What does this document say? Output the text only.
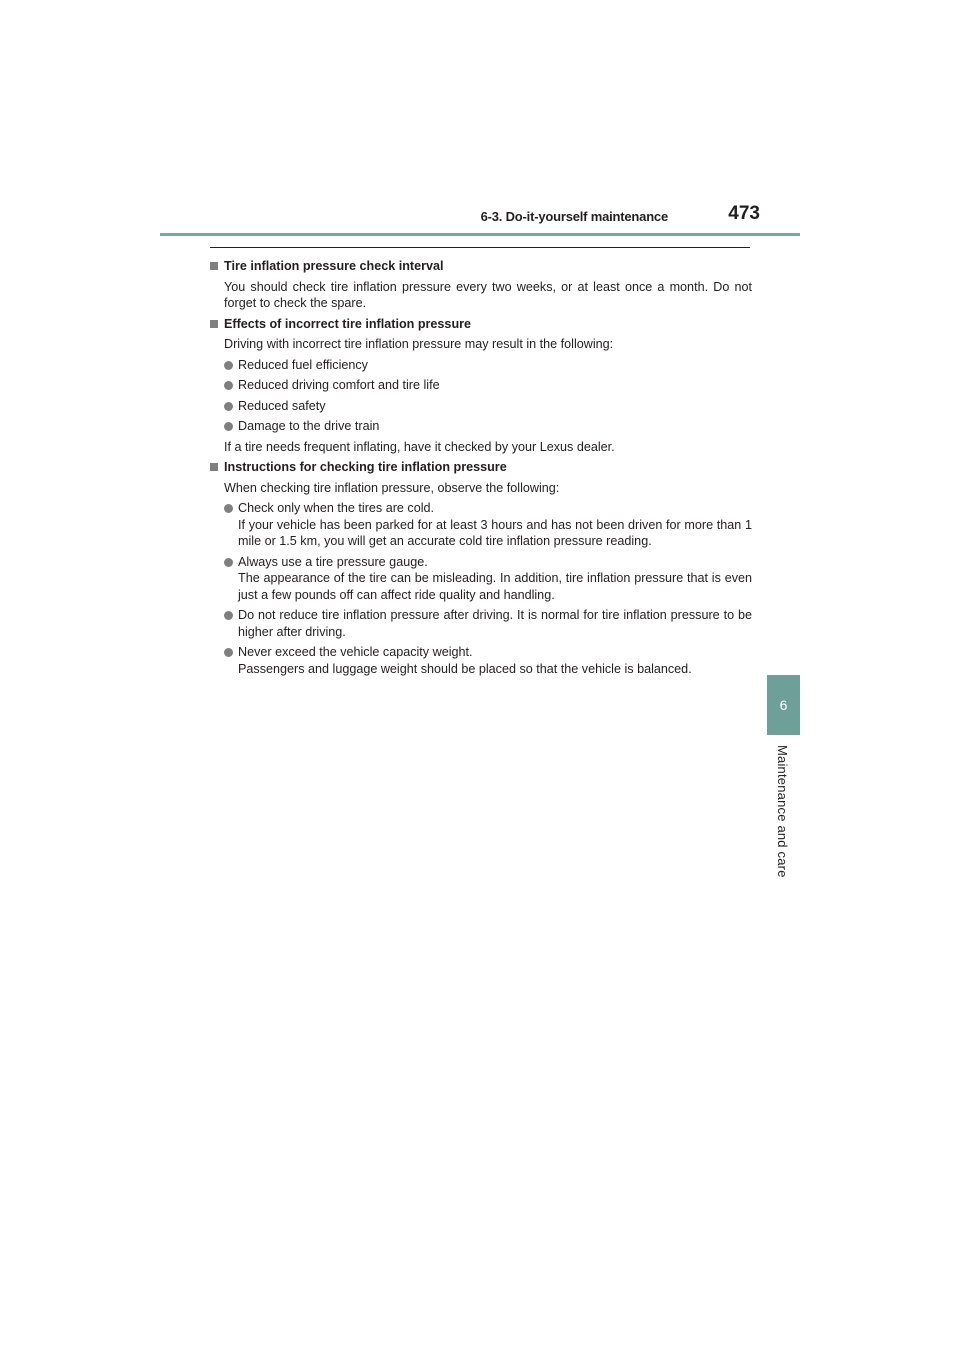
6-3. Do-it-yourself maintenance	473
6
Maintenance and care
Tire inflation pressure check interval
You should check tire inflation pressure every two weeks, or at least once a month. Do not forget to check the spare.
Effects of incorrect tire inflation pressure
Driving with incorrect tire inflation pressure may result in the following:
Reduced fuel efficiency
Reduced driving comfort and tire life
Reduced safety
Damage to the drive train
If a tire needs frequent inflating, have it checked by your Lexus dealer.
Instructions for checking tire inflation pressure
When checking tire inflation pressure, observe the following:
Check only when the tires are cold.
If your vehicle has been parked for at least 3 hours and has not been driven for more than 1 mile or 1.5 km, you will get an accurate cold tire inflation pressure reading.
Always use a tire pressure gauge.
The appearance of the tire can be misleading. In addition, tire inflation pressure that is even just a few pounds off can affect ride quality and handling.
Do not reduce tire inflation pressure after driving. It is normal for tire inflation pressure to be higher after driving.
Never exceed the vehicle capacity weight.
Passengers and luggage weight should be placed so that the vehicle is balanced.
